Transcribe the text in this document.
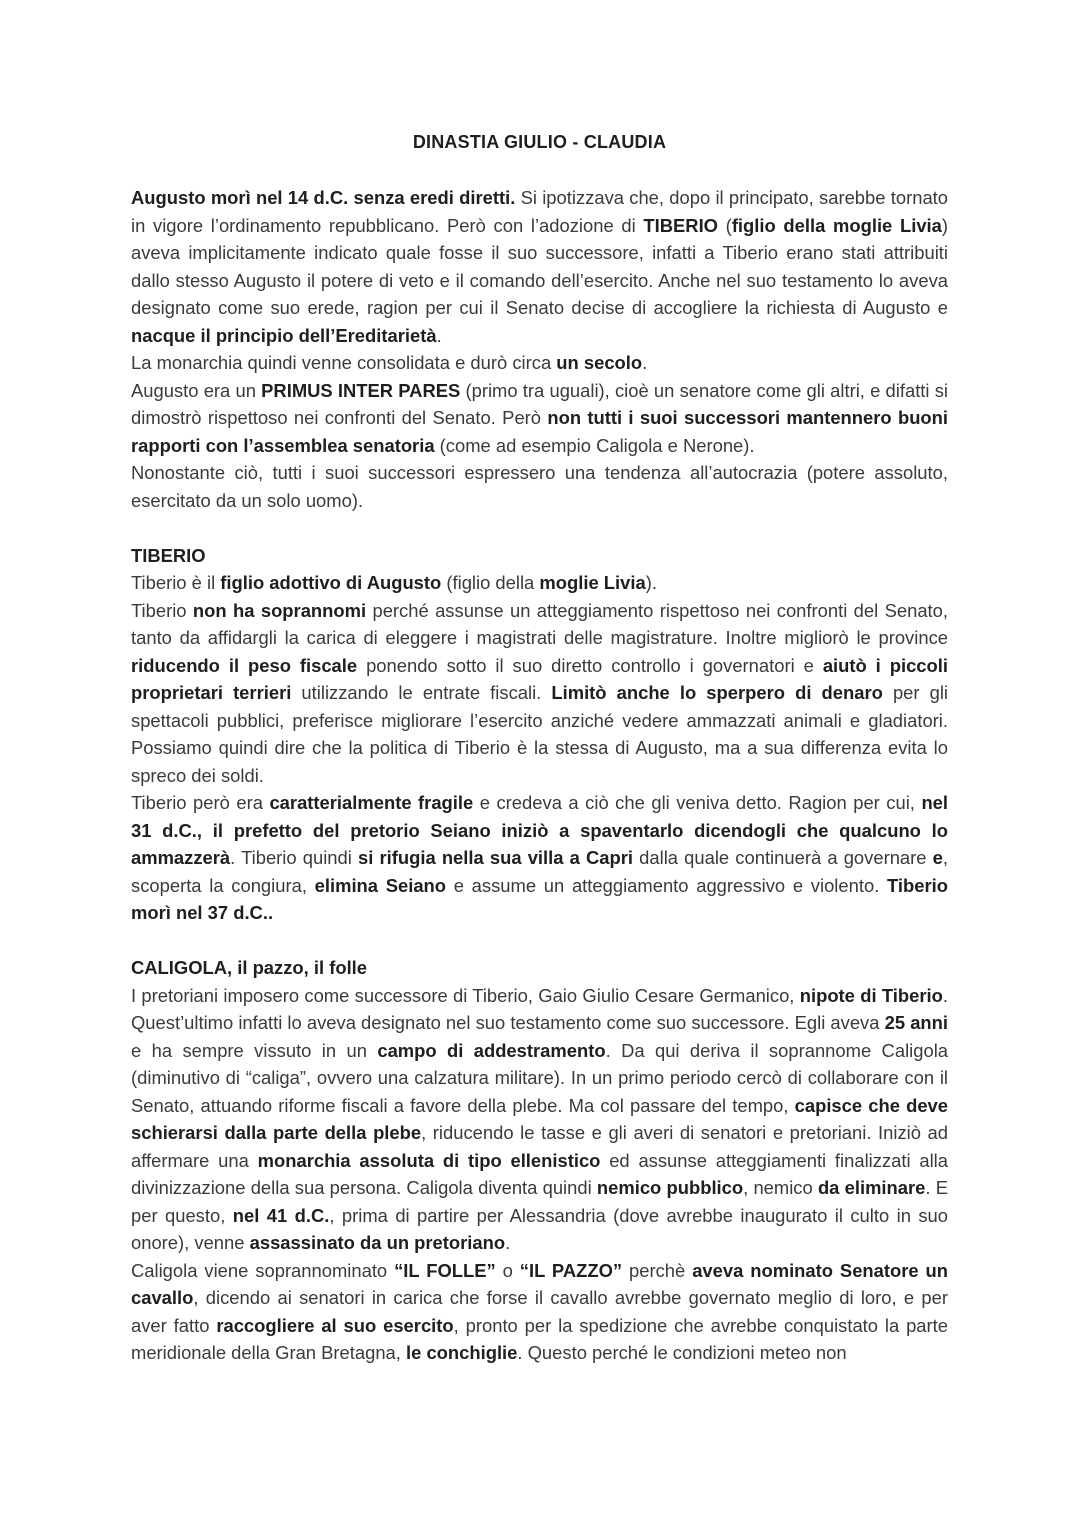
DINASTIA GIULIO - CLAUDIA

Augusto morì nel 14 d.C. senza eredi diretti. Si ipotizzava che, dopo il principato, sarebbe tornato in vigore l’ordinamento repubblicano. Però con l’adozione di TIBERIO (figlio della moglie Livia) aveva implicitamente indicato quale fosse il suo successore, infatti a Tiberio erano stati attribuiti dallo stesso Augusto il potere di veto e il comando dell’esercito. Anche nel suo testamento lo aveva designato come suo erede, ragion per cui il Senato decise di accogliere la richiesta di Augusto e nacque il principio dell’Ereditarietà.

La monarchia quindi venne consolidata e durò circa un secolo.

Augusto era un PRIMUS INTER PARES (primo tra uguali), cioè un senatore come gli altri, e difatti si dimostrò rispettoso nei confronti del Senato. Però non tutti i suoi successori mantennero buoni rapporti con l’assemblea senatoria (come ad esempio Caligola e Nerone).

Nonostante ciò, tutti i suoi successori espressero una tendenza all’autocrazia (potere assoluto, esercitato da un solo uomo).

TIBERIO

Tiberio è il figlio adottivo di Augusto (figlio della moglie Livia).

Tiberio non ha soprannomi perché assunse un atteggiamento rispettoso nei confronti del Senato, tanto da affidargli la carica di eleggere i magistrati delle magistrature. Inoltre migliorò le province riducendo il peso fiscale ponendo sotto il suo diretto controllo i governatori e aiutò i piccoli proprietari terrieri utilizzando le entrate fiscali. Limitò anche lo sperpero di denaro per gli spettacoli pubblici, preferisce migliorare l’esercito anziché vedere ammazzati animali e gladiatori. Possiamo quindi dire che la politica di Tiberio è la stessa di Augusto, ma a sua differenza evita lo spreco dei soldi.

Tiberio però era caratterialmente fragile e credeva a ciò che gli veniva detto. Ragion per cui, nel 31 d.C., il prefetto del pretorio Seiano iniziò a spaventarlo dicendogli che qualcuno lo ammazzerà. Tiberio quindi si rifugia nella sua villa a Capri dalla quale continuerà a governare e, scoperta la congiura, elimina Seiano e assume un atteggiamento aggressivo e violento. Tiberio morì nel 37 d.C..

CALIGOLA, il pazzo, il folle

I pretoriani imposero come successore di Tiberio, Gaio Giulio Cesare Germanico, nipote di Tiberio. Quest’ultimo infatti lo aveva designato nel suo testamento come suo successore. Egli aveva 25 anni e ha sempre vissuto in un campo di addestramento. Da qui deriva il soprannome Caligola (diminutivo di “caliga”, ovvero una calzatura militare). In un primo periodo cercò di collaborare con il Senato, attuando riforme fiscali a favore della plebe. Ma col passare del tempo, capisce che deve schierarsi dalla parte della plebe, riducendo le tasse e gli averi di senatori e pretoriani. Iniziò ad affermare una monarchia assoluta di tipo ellenistico ed assunse atteggiamenti finalizzati alla divinizzazione della sua persona. Caligola diventa quindi nemico pubblico, nemico da eliminare. E per questo, nel 41 d.C., prima di partire per Alessandria (dove avrebbe inaugurato il culto in suo onore), venne assassinato da un pretoriano.

Caligola viene soprannominato “IL FOLLE” o “IL PAZZO” perchè aveva nominato Senatore un cavallo, dicendo ai senatori in carica che forse il cavallo avrebbe governato meglio di loro, e per aver fatto raccogliere al suo esercito, pronto per la spedizione che avrebbe conquistato la parte meridionale della Gran Bretagna, le conchiglie. Questo perché le condizioni meteo non
